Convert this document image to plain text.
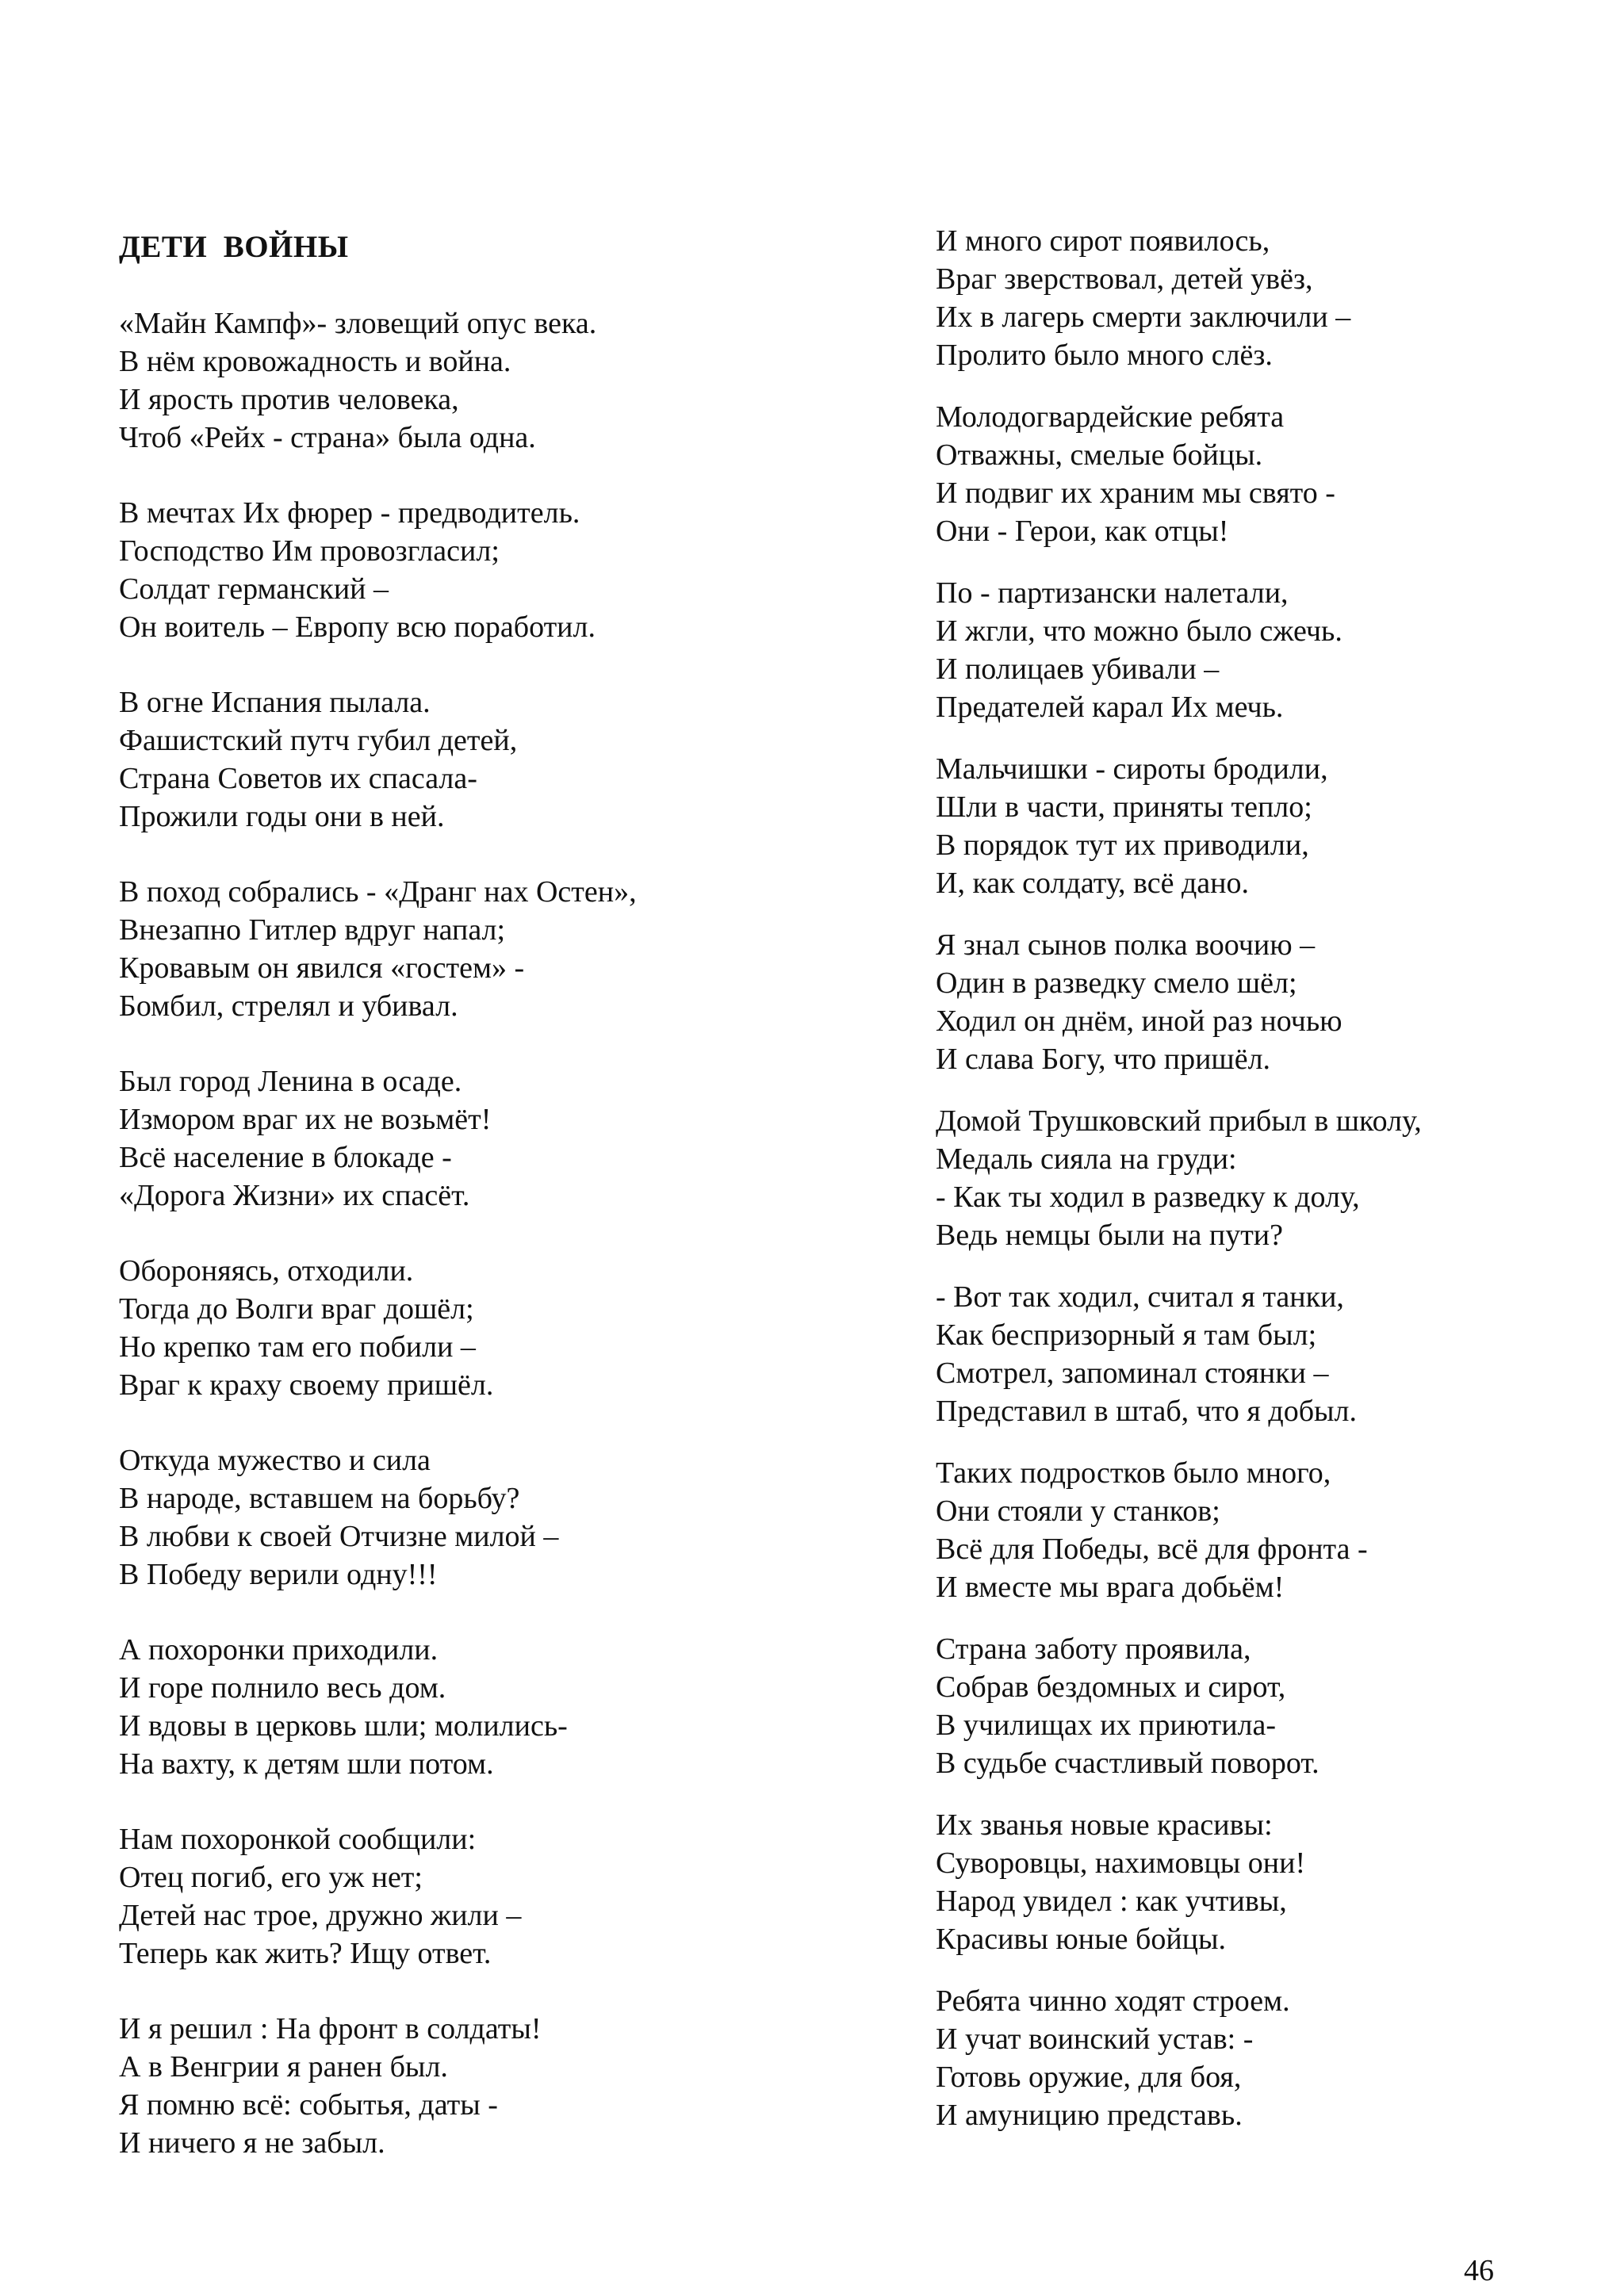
ДЕТИ  ВОЙНЫ
«Майн Кампф»- зловещий опус века.
В нём кровожадность и война.
И ярость против человека,
Чтоб «Рейх - страна» была одна.
В мечтах Их фюрер - предводитель.
Господство Им провозгласил;
Солдат германский –
Он воитель – Европу всю поработил.
В огне Испания пылала.
Фашистский путч губил детей,
Страна Советов их спасала-
Прожили годы они в ней.
В поход собрались - «Дранг нах Остен»,
Внезапно Гитлер вдруг напал;
Кровавым он явился «гостем» -
Бомбил, стрелял и убивал.
Был город Ленина в осаде.
Измором враг их не возьмёт!
Всё население в блокаде -
«Дорога Жизни» их спасёт.
Обороняясь, отходили.
Тогда до Волги враг дошёл;
Но крепко там его побили –
Враг к краху своему пришёл.
Откуда мужество и сила
В народе, вставшем на борьбу?
В любви к своей Отчизне милой –
В Победу верили одну!!!
А похоронки приходили.
И горе полнило весь дом.
И вдовы в церковь шли; молились-
На вахту, к детям шли потом.
Нам похоронкой сообщили:
Отец погиб, его уж нет;
Детей нас трое, дружно жили –
Теперь как жить? Ищу ответ.
И я решил : На фронт в солдаты!
А в Венгрии я ранен был.
Я помню всё: событья, даты -
И ничего я не забыл.
И много сирот появилось,
Враг зверствовал, детей увёз,
Их в лагерь смерти заключили –
Пролито было много слёз.
Молодогвардейские ребята
Отважны, смелые бойцы.
И подвиг их храним мы свято -
Они - Герои, как отцы!
По - партизански налетали,
И жгли, что можно было сжечь.
И полицаев убивали –
Предателей карал Их мечь.
Мальчишки - сироты бродили,
Шли в части, приняты тепло;
В порядок тут их приводили,
И, как солдату, всё дано.
Я знал сынов полка воочию –
Один в разведку смело шёл;
Ходил он днём, иной раз ночью
И слава Богу, что пришёл.
Домой Трушковский прибыл в школу,
Медаль сияла на груди:
- Как ты ходил в разведку к долу,
Ведь немцы были на пути?
- Вот так ходил, считал я танки,
Как беспризорный я там был;
Смотрел, запоминал стоянки –
Представил в штаб, что я добыл.
Таких подростков было много,
Они стояли у станков;
Всё для Победы, всё для фронта -
И вместе мы врага добьём!
Страна заботу проявила,
Собрав бездомных и сирот,
В училищах их приютила-
В судьбе счастливый поворот.
Их званья новые красивы:
Суворовцы, нахимовцы они!
Народ увидел : как учтивы,
Красивы юные бойцы.
Ребята чинно ходят строем.
И учат воинский устав: -
Готовь оружие, для боя,
И амуницию представь.
46
